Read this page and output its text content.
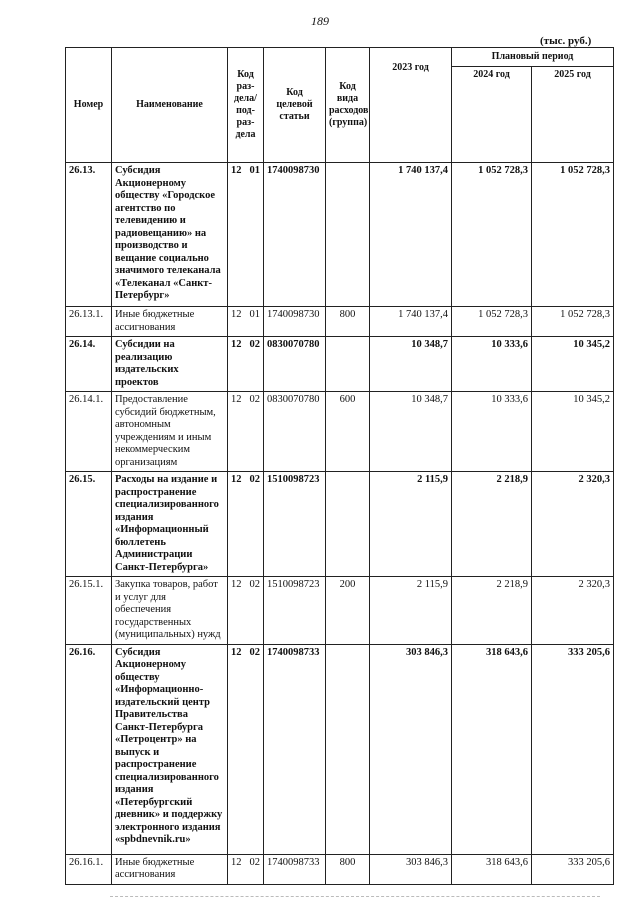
189
(тыс. руб.)
Номер	Наименование	Код раз-дела/ под-раз-дела	Код целевой статьи	Код вида расходов (группа)	2023 год	Плановый период	
						2024 год	2025 год
26.13.	Субсидия Акционерному обществу «Городское агентство по телевидению и радиовещанию» на производство и вещание социально значимого телеканала «Телеканал «Санкт-Петербург»	12 01	1740098730		1 740 137,4	1 052 728,3	1 052 728,3
26.13.1.	Иные бюджетные ассигнования	12 01	1740098730	800	1 740 137,4	1 052 728,3	1 052 728,3
26.14.	Субсидии на реализацию издательских проектов	12 02	0830070780		10 348,7	10 333,6	10 345,2
26.14.1.	Предоставление субсидий бюджетным, автономным учреждениям и иным некоммерческим организациям	12 02	0830070780	600	10 348,7	10 333,6	10 345,2
26.15.	Расходы на издание и распространение специализированного издания «Информационный бюллетень Администрации Санкт-Петербурга»	12 02	1510098723		2 115,9	2 218,9	2 320,3
26.15.1.	Закупка товаров, работ и услуг для обеспечения государственных (муниципальных) нужд	12 02	1510098723	200	2 115,9	2 218,9	2 320,3
26.16.	Субсидия Акционерному обществу «Информационно-издательский центр Правительства Санкт-Петербурга «Петроцентр» на выпуск и распространение специализированного издания «Петербургский дневник» и поддержку электронного издания «spbdnevnik.ru»	12 02	1740098733		303 846,3	318 643,6	333 205,6
26.16.1.	Иные бюджетные ассигнования	12 02	1740098733	800	303 846,3	318 643,6	333 205,6
